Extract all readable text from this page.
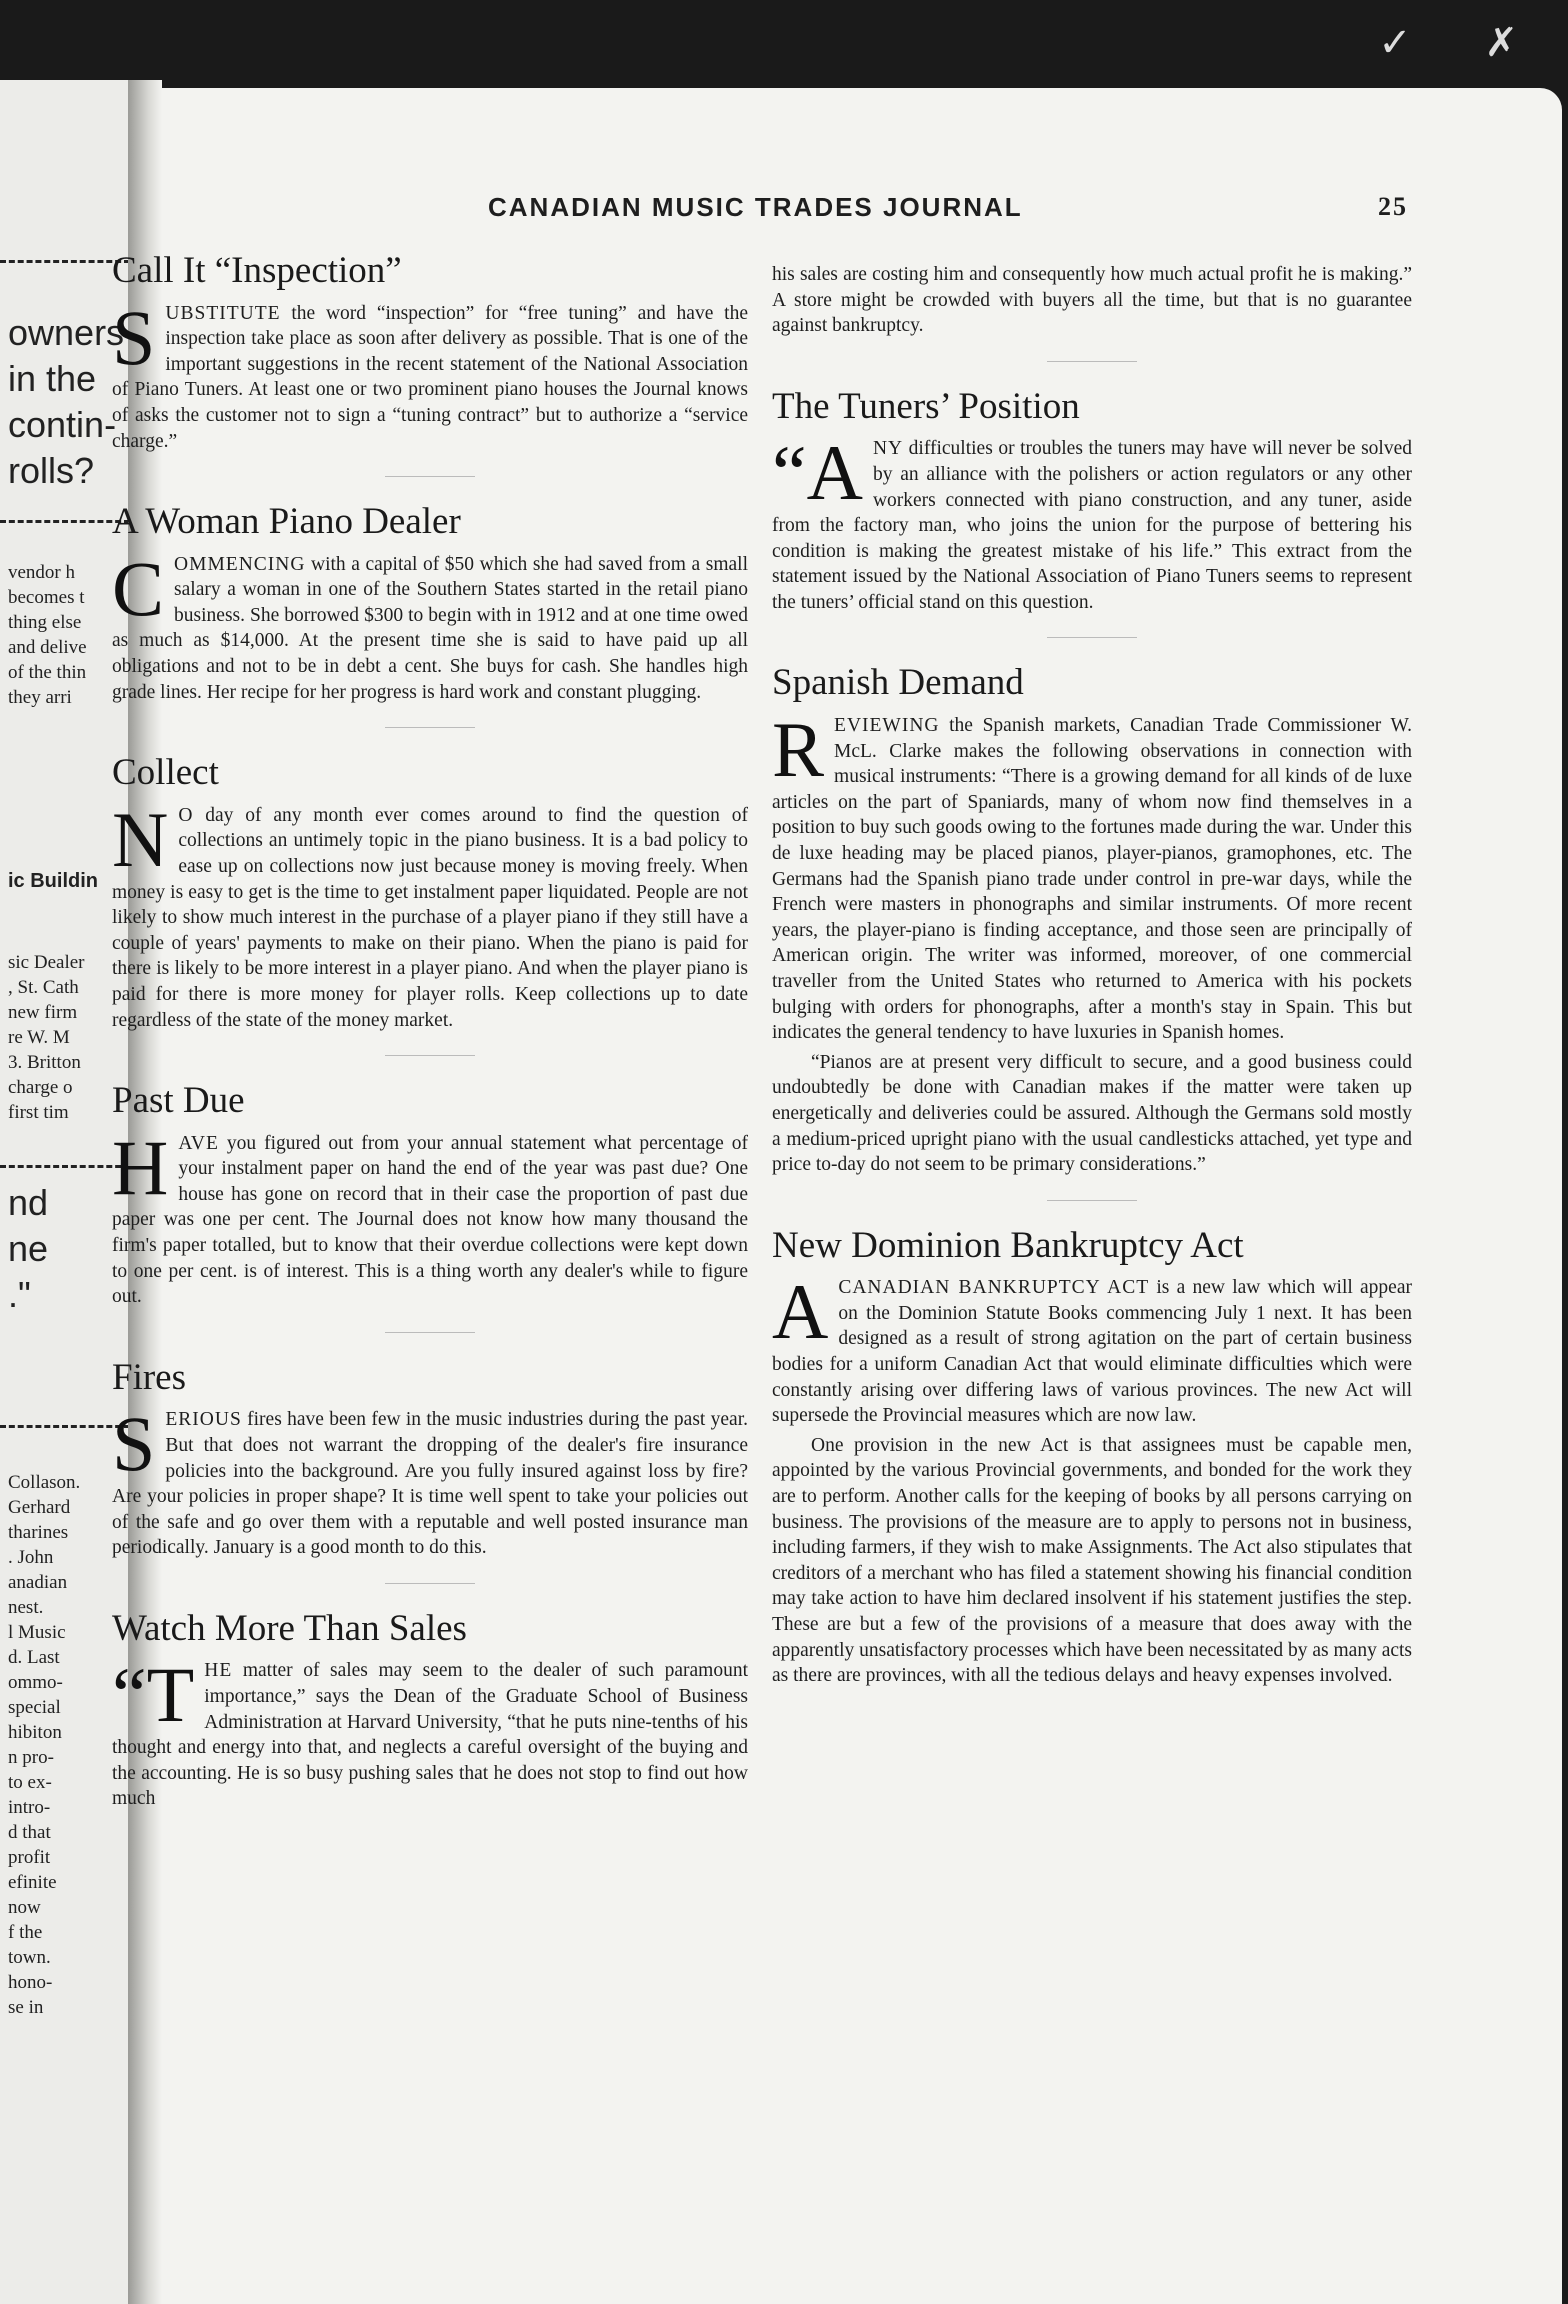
✓ ✗
owners
in the
contin-
rolls?
vendor h
becomes t
thing else
and delive
of the thin
they arri
ic Buildin
sic Dealer
, St. Cath
new firm
re W. M
3. Britton
charge o
first tim
nd
ne
."
Collason.
Gerhard
tharines
. John
anadian
nest.
l Music
d. Last
ommo-
special
hibiton
n pro-
to ex-
intro-
d that
profit
efinite
now
f the
town.
hono-
se in
CANADIAN MUSIC TRADES JOURNAL	25
Call It “Inspection”

SUBSTITUTE the word “inspection” for “free tuning” and have the inspection take place as soon after delivery as possible. That is one of the important suggestions in the recent statement of the National Association of Piano Tuners. At least one or two prominent piano houses the Journal knows of asks the customer not to sign a “tuning contract” but to authorize a “service charge.”

A Woman Piano Dealer

COMMENCING with a capital of $50 which she had saved from a small salary a woman in one of the Southern States started in the retail piano business. She borrowed $300 to begin with in 1912 and at one time owed as much as $14,000. At the present time she is said to have paid up all obligations and not to be in debt a cent. She buys for cash. She handles high grade lines. Her recipe for her progress is hard work and constant plugging.

Collect

N O day of any month ever comes around to find the question of collections an untimely topic in the piano business. It is a bad policy to ease up on collections now just because money is moving freely. When money is easy to get is the time to get instalment paper liquidated. People are not likely to show much interest in the purchase of a player piano if they still have a couple of years' payments to make on their piano. When the piano is paid for there is likely to be more interest in a player piano. And when the player piano is paid for there is more money for player rolls. Keep collections up to date regardless of the state of the money market.

Past Due

HAVE you figured out from your annual statement what percentage of your instalment paper on hand the end of the year was past due? One house has gone on record that in their case the proportion of past due paper was one per cent. The Journal does not know how many thousand the firm's paper totalled, but to know that their overdue collections were kept down to one per cent. is of interest. This is a thing worth any dealer's while to figure out.

Fires

SERIOUS fires have been few in the music industries during the past year. But that does not warrant the dropping of the dealer's fire insurance policies into the background. Are you fully insured against loss by fire? Are your policies in proper shape? It is time well spent to take your policies out of the safe and go over them with a reputable and well posted insurance man periodically. January is a good month to do this.

Watch More Than Sales

“THE matter of sales may seem to the dealer of such paramount importance,” says the Dean of the Graduate School of Business Administration at Harvard University, “that he puts nine-tenths of his thought and energy into that, and neglects a careful oversight of the buying and the accounting. He is so busy pushing sales that he does not stop to find out how much

his sales are costing him and consequently how much actual profit he is making.” A store might be crowded with buyers all the time, but that is no guarantee against bankruptcy.

The Tuners’ Position

“ANY difficulties or troubles the tuners may have will never be solved by an alliance with the polishers or action regulators or any other workers connected with piano construction, and any tuner, aside from the factory man, who joins the union for the purpose of bettering his condition is making the greatest mistake of his life.” This extract from the statement issued by the National Association of Piano Tuners seems to represent the tuners’ official stand on this question.

Spanish Demand

REVIEWING the Spanish markets, Canadian Trade Commissioner W. McL. Clarke makes the following observations in connection with musical instruments: “There is a growing demand for all kinds of de luxe articles on the part of Spaniards, many of whom now find themselves in a position to buy such goods owing to the fortunes made during the war. Under this de luxe heading may be placed pianos, player-pianos, gramophones, etc. The Germans had the Spanish piano trade under control in pre-war days, while the French were masters in phonographs and similar instruments. Of more recent years, the player-piano is finding acceptance, and those seen are principally of American origin. The writer was informed, moreover, of one commercial traveller from the United States who returned to America with his pockets bulging with orders for phonographs, after a month's stay in Spain. This but indicates the general tendency to have luxuries in Spanish homes.

“Pianos are at present very difficult to secure, and a good business could undoubtedly be done with Canadian makes if the matter were taken up energetically and deliveries could be assured. Although the Germans sold mostly a medium-priced upright piano with the usual candlesticks attached, yet type and price to-day do not seem to be primary considerations.”

New Dominion Bankruptcy Act

ACANADIAN BANKRUPTCY ACT is a new law which will appear on the Dominion Statute Books commencing July 1 next. It has been designed as a result of strong agitation on the part of certain business bodies for a uniform Canadian Act that would eliminate difficulties which were constantly arising over differing laws of various provinces. The new Act will supersede the Provincial measures which are now law.

One provision in the new Act is that assignees must be capable men, appointed by the various Provincial governments, and bonded for the work they are to perform. Another calls for the keeping of books by all persons carrying on business. The provisions of the measure are to apply to persons not in business, including farmers, if they wish to make Assignments. The Act also stipulates that creditors of a merchant who has filed a statement showing his financial condition may take action to have him declared insolvent if his statement justifies the step. These are but a few of the provisions of a measure that does away with the apparently unsatisfactory processes which have been necessitated by as many acts as there are provinces, with all the tedious delays and heavy expenses involved.
